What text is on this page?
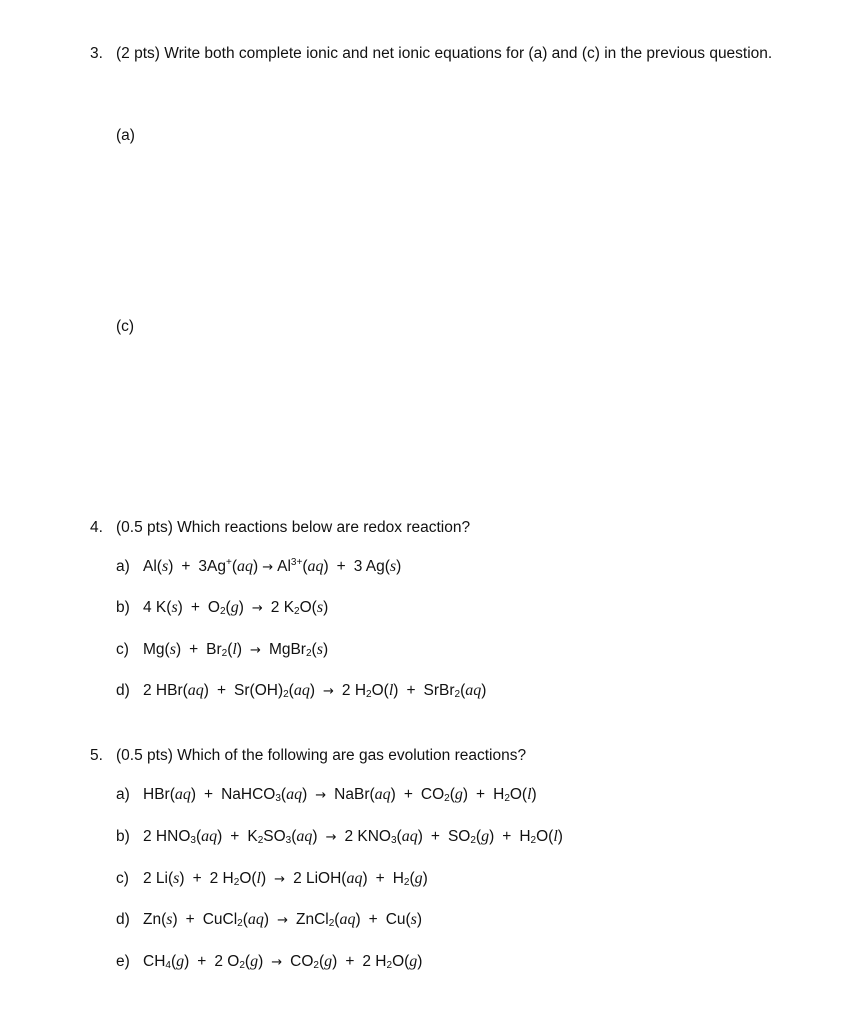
3. (2 pts) Write both complete ionic and net ionic equations for (a) and (c) in the previous question.
(a)
(c)
4. (0.5 pts) Which reactions below are redox reaction?
a) $Al(s) + 3Ag^+(aq) \to Al^{3+}(aq) + 3$ Ag(s)
b) 4 $K(s) + O_2(g) \to 2$ $K_2O(s)$
c) $Mg(s) + Br_2(l)$ → MgBr$_2$(s)
d) 2 $HBr(aq) + Sr(OH)_2(aq) \to 2$ $H_2O(l)$ + SrBr$_2$(aq)
5. (0.5 pts) Which of the following are gas evolution reactions?
a) HBr(aq) + NaHCO$_3$(aq) → NaBr(aq) + $CO_2(g) + H_2O(l)$
b) 2 $HNO_3(aq) + K_2SO_3(aq) \to 2$ $KNO_3(aq) + SO_2(g) + H_2O(l)$
c) 2 Li(s) + 2 $H_2O(l) \to 2$ LiOH(aq) + $H_2(g)$
d) Zn(s) + CuCl$_2$(aq) → ZnCl$_2$(aq) + Cu(s)
e) $CH_4(g) + 2$ $O_2(g) \to CO_2(g) + 2$ $H_2O(g)$
